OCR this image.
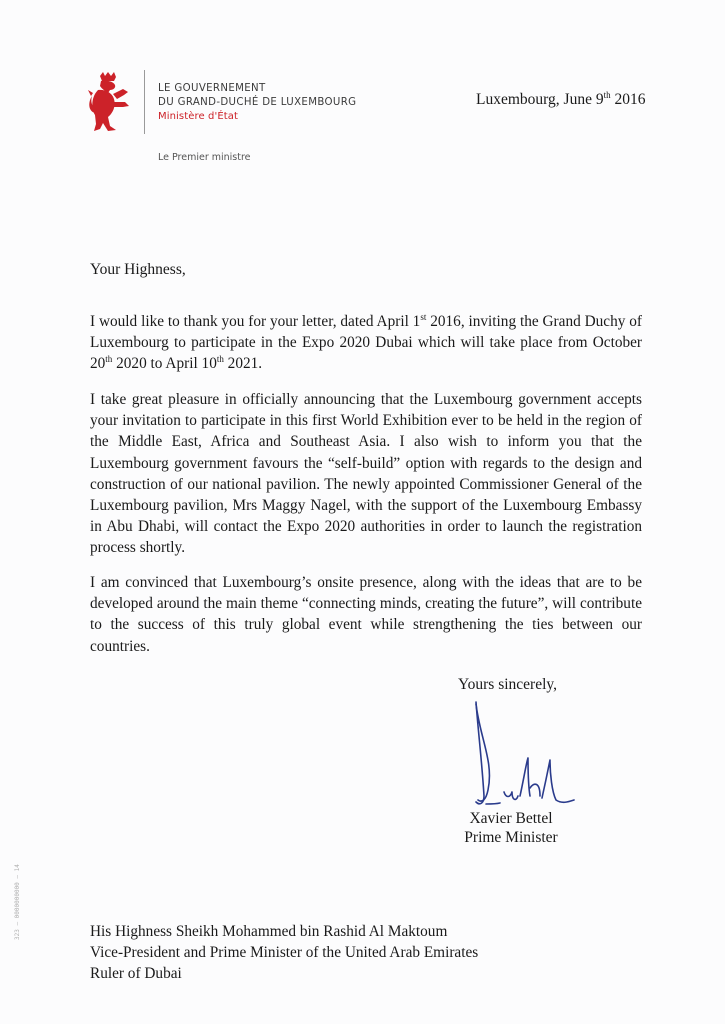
LE GOUVERNEMENT
DU GRAND-DUCHÉ DE LUXEMBOURG
Ministère d'État
Le Premier ministre
Luxembourg, June 9th 2016
Your Highness,
I would like to thank you for your letter, dated April 1st 2016, inviting the Grand Duchy of Luxembourg to participate in the Expo 2020 Dubai which will take place from October 20th 2020 to April 10th 2021.
I take great pleasure in officially announcing that the Luxembourg government accepts your invitation to participate in this first World Exhibition ever to be held in the region of the Middle East, Africa and Southeast Asia. I also wish to inform you that the Luxembourg government favours the “self-build” option with regards to the design and construction of our national pavilion. The newly appointed Commissioner General of the Luxembourg pavilion, Mrs Maggy Nagel, with the support of the Luxembourg Embassy in Abu Dhabi, will contact the Expo 2020 authorities in order to launch the registration process shortly.
I am convinced that Luxembourg’s onsite presence, along with the ideas that are to be developed around the main theme “connecting minds, creating the future”, will contribute to the success of this truly global event while strengthening the ties between our countries.
Yours sincerely,
Xavier Bettel
Prime Minister
His Highness Sheikh Mohammed bin Rashid Al Maktoum
Vice-President and Prime Minister of the United Arab Emirates
Ruler of Dubai
323 ‒ 0000000000 ‒ 14
